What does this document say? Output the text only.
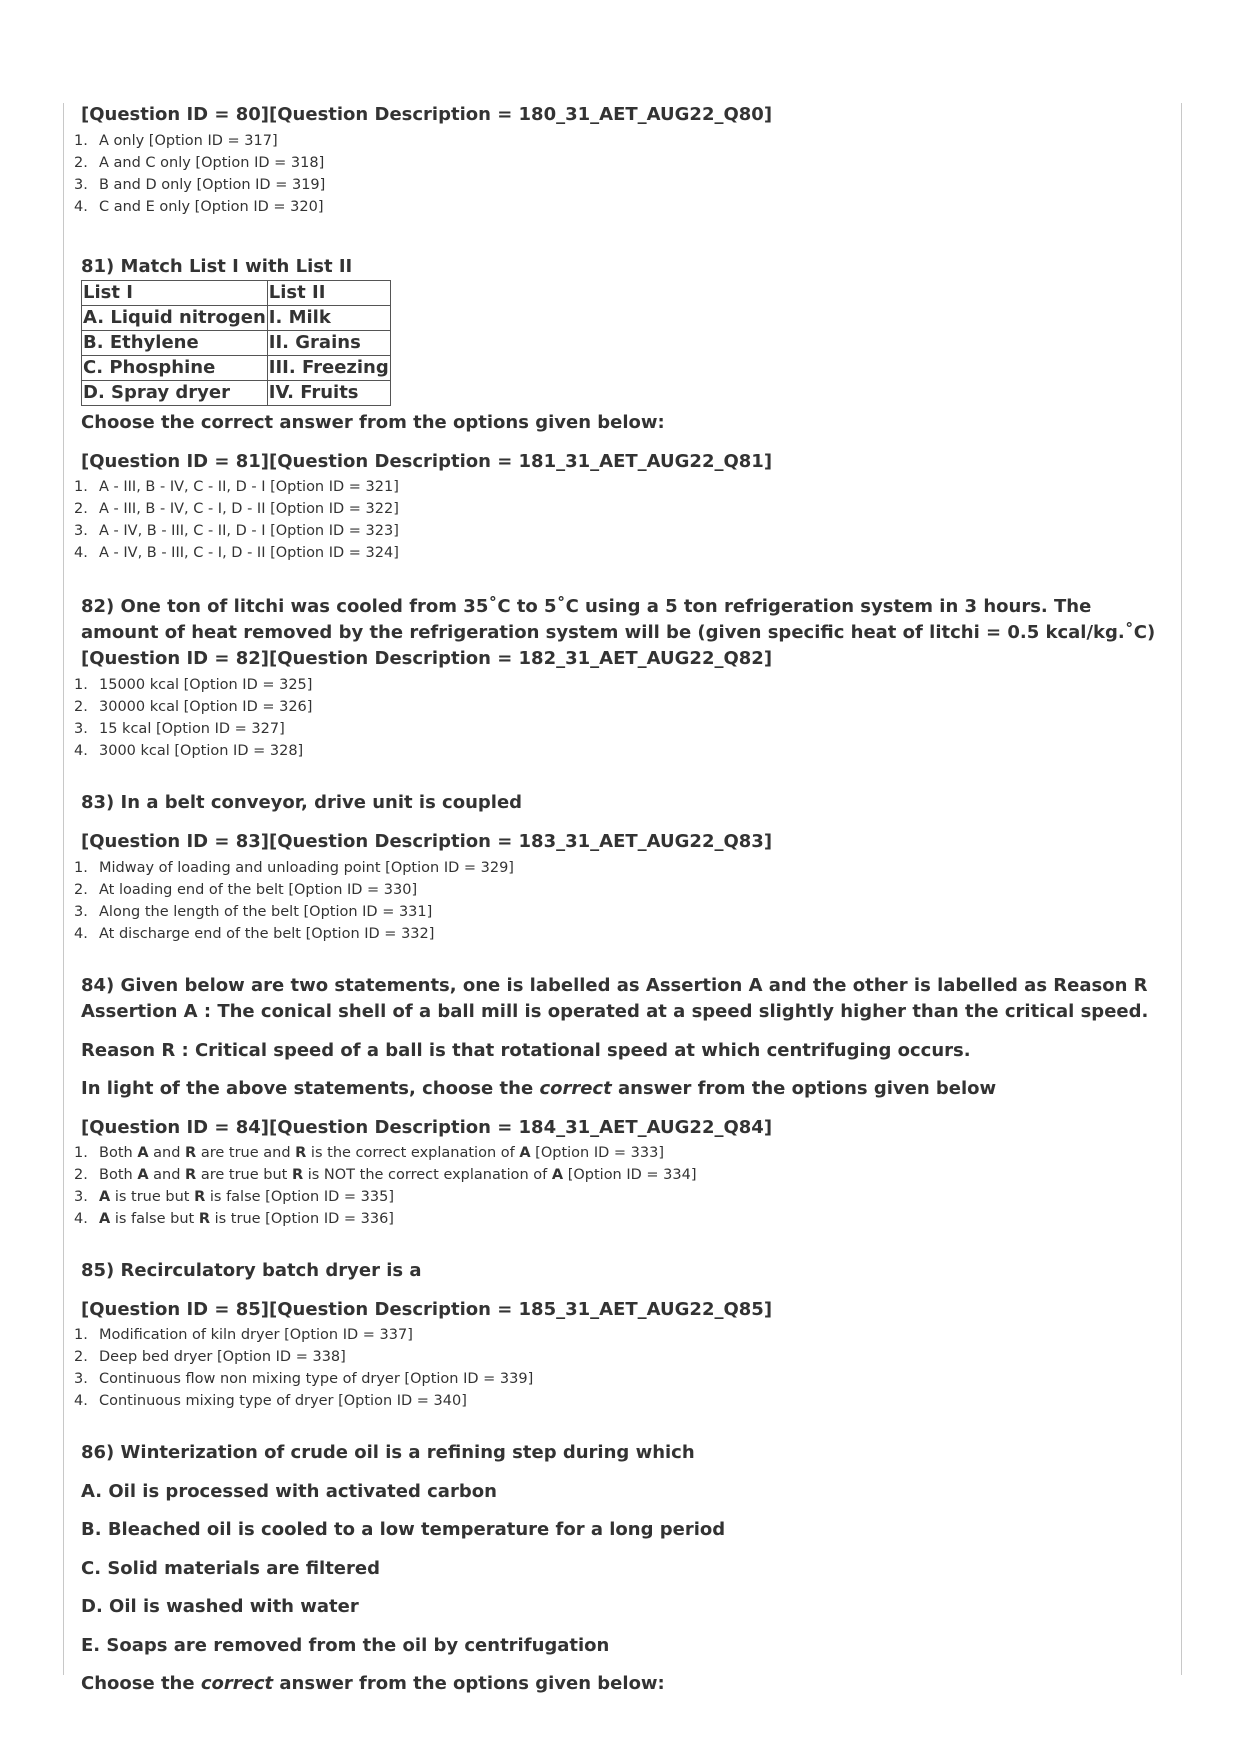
[Question ID = 80][Question Description = 180_31_AET_AUG22_Q80]
1. A only [Option ID = 317]
2. A and C only [Option ID = 318]
3. B and D only [Option ID = 319]
4. C and E only [Option ID = 320]
81) Match List I with List II
List I	List II
A. Liquid nitrogen	I. Milk
B. Ethylene	II. Grains
C. Phosphine	III. Freezing
D. Spray dryer	IV. Fruits
Choose the correct answer from the options given below:
[Question ID = 81][Question Description = 181_31_AET_AUG22_Q81]
1. A - III, B - IV, C - II, D - I [Option ID = 321]
2. A - III, B - IV, C - I, D - II [Option ID = 322]
3. A - IV, B - III, C - II, D - I [Option ID = 323]
4. A - IV, B - III, C - I, D - II [Option ID = 324]
82) One ton of litchi was cooled from 35˚C to 5˚C using a 5 ton refrigeration system in 3 hours. The amount of heat removed by the refrigeration system will be (given specific heat of litchi = 0.5 kcal/kg.˚C)[Question ID = 82][Question Description = 182_31_AET_AUG22_Q82]
1. 15000 kcal [Option ID = 325]
2. 30000 kcal [Option ID = 326]
3. 15 kcal [Option ID = 327]
4. 3000 kcal [Option ID = 328]
83) In a belt conveyor, drive unit is coupled
[Question ID = 83][Question Description = 183_31_AET_AUG22_Q83]
1. Midway of loading and unloading point [Option ID = 329]
2. At loading end of the belt [Option ID = 330]
3. Along the length of the belt [Option ID = 331]
4. At discharge end of the belt [Option ID = 332]
84) Given below are two statements, one is labelled as Assertion A and the other is labelled as Reason R
Assertion A : The conical shell of a ball mill is operated at a speed slightly higher than the critical speed.
Reason R : Critical speed of a ball is that rotational speed at which centrifuging occurs.
In light of the above statements, choose the correct answer from the options given below
[Question ID = 84][Question Description = 184_31_AET_AUG22_Q84]
1. Both A and R are true and R is the correct explanation of A [Option ID = 333]
2. Both A and R are true but R is NOT the correct explanation of A [Option ID = 334]
3. A is true but R is false [Option ID = 335]
4. A is false but R is true [Option ID = 336]
85) Recirculatory batch dryer is a
[Question ID = 85][Question Description = 185_31_AET_AUG22_Q85]
1. Modification of kiln dryer [Option ID = 337]
2. Deep bed dryer [Option ID = 338]
3. Continuous flow non mixing type of dryer [Option ID = 339]
4. Continuous mixing type of dryer [Option ID = 340]
86) Winterization of crude oil is a refining step during which
A. Oil is processed with activated carbon
B. Bleached oil is cooled to a low temperature for a long period
C. Solid materials are filtered
D. Oil is washed with water
E. Soaps are removed from the oil by centrifugation
Choose the correct answer from the options given below:
